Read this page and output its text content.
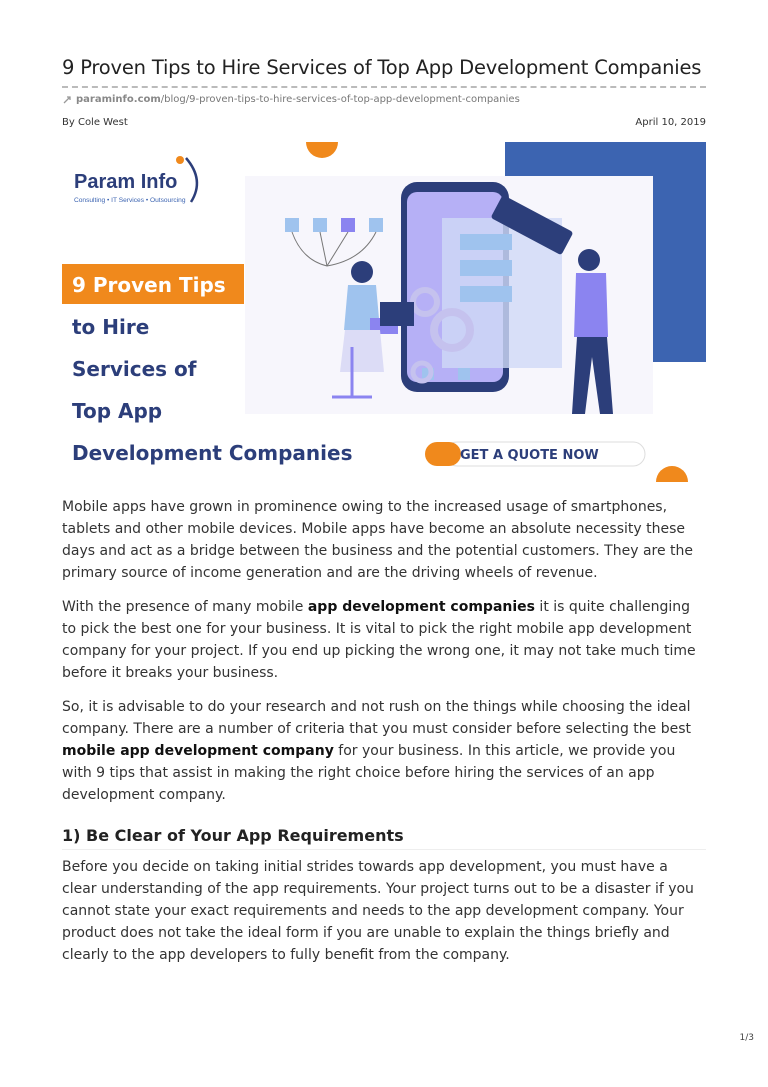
9 Proven Tips to Hire Services of Top App Development Companies
paraminfo.com/blog/9-proven-tips-to-hire-services-of-top-app-development-companies
By Cole West	April 10, 2019
Param Info
Consulting • IT Services • Outsourcing
9 Proven Tips
to Hire
Services of
Top App
Development Companies	GET A QUOTE NOW

Mobile apps have grown in prominence owing to the increased usage of smartphones, tablets and other mobile devices. Mobile apps have become an absolute necessity these days and act as a bridge between the business and the potential customers. They are the primary source of income generation and are the driving wheels of revenue.

With the presence of many mobile app development companies it is quite challenging to pick the best one for your business. It is vital to pick the right mobile app development company for your project. If you end up picking the wrong one, it may not take much time before it breaks your business.

So, it is advisable to do your research and not rush on the things while choosing the ideal company. There are a number of criteria that you must consider before selecting the best mobile app development company for your business. In this article, we provide you with 9 tips that assist in making the right choice before hiring the services of an app development company.

1) Be Clear of Your App Requirements

Before you decide on taking initial strides towards app development, you must have a clear understanding of the app requirements. Your project turns out to be a disaster if you cannot state your exact requirements and needs to the app development company. Your product does not take the ideal form if you are unable to explain the things briefly and clearly to the app developers to fully benefit from the company.

1/3
